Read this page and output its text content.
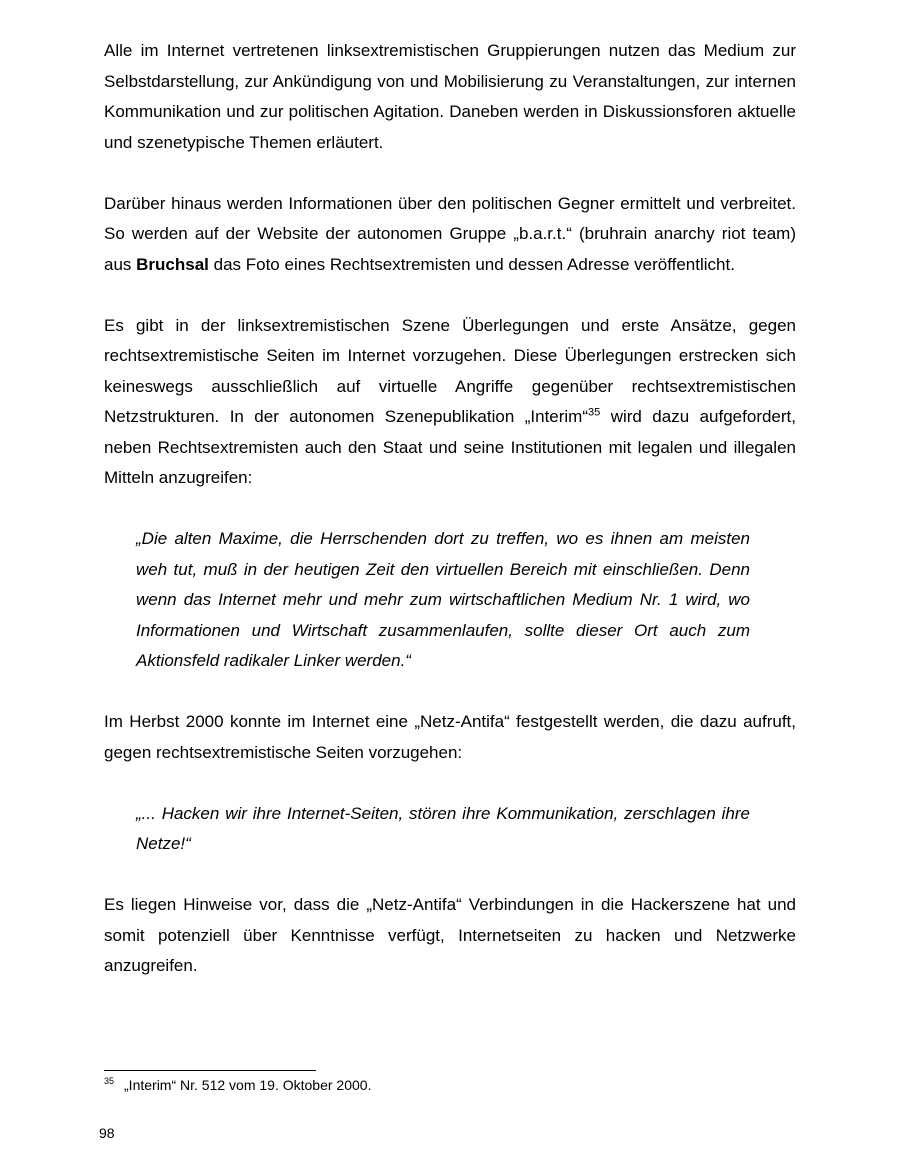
Alle im Internet vertretenen linksextremistischen Gruppierungen nutzen das Medium zur Selbstdarstellung, zur Ankündigung von und Mobilisierung zu Veranstaltungen, zur internen Kommunikation und zur politischen Agitation. Daneben werden in Diskussionsforen aktuelle und szenetypische Themen erläutert.

Darüber hinaus werden Informationen über den politischen Gegner ermittelt und verbreitet. So werden auf der Website der autonomen Gruppe „b.a.r.t.“ (bruhrain anarchy riot team) aus Bruchsal das Foto eines Rechtsextremisten und dessen Adresse veröffentlicht.

Es gibt in der linksextremistischen Szene Überlegungen und erste Ansätze, gegen rechtsextremistische Seiten im Internet vorzugehen. Diese Überlegungen erstrecken sich keineswegs ausschließlich auf virtuelle Angriffe gegenüber rechtsextremistischen Netzstrukturen. In der autonomen Szenepublikation „Interim“$^{35}$ wird dazu aufgefordert, neben Rechtsextremisten auch den Staat und seine Institutionen mit legalen und illegalen Mitteln anzugreifen:

„Die alten Maxime, die Herrschenden dort zu treffen, wo es ihnen am meisten weh tut, muß in der heutigen Zeit den virtuellen Bereich mit einschließen. Denn wenn das Internet mehr und mehr zum wirtschaftlichen Medium Nr. 1 wird, wo Informationen und Wirtschaft zusammenlaufen, sollte dieser Ort auch zum Aktionsfeld radikaler Linker werden.“

Im Herbst 2000 konnte im Internet eine „Netz-Antifa“ festgestellt werden, die dazu aufruft, gegen rechtsextremistische Seiten vorzugehen:

„... Hacken wir ihre Internet-Seiten, stören ihre Kommunikation, zerschlagen ihre Netze!“

Es liegen Hinweise vor, dass die „Netz-Antifa“ Verbindungen in die Hackerszene hat und somit potenziell über Kenntnisse verfügt, Internetseiten zu hacken und Netzwerke anzugreifen.

$^{35}$ „Interim“ Nr. 512 vom 19. Oktober 2000.
98
